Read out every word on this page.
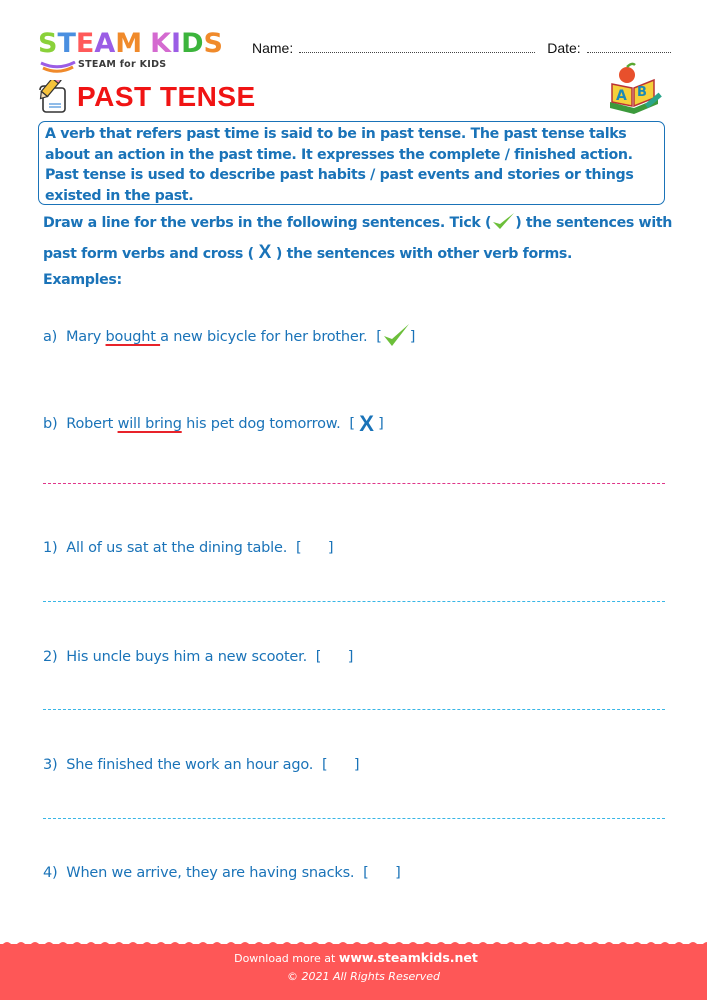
STEAM KIDS
STEAM for KIDS
Name:	Date:
PAST TENSE	A B

A verb that refers past time is said to be in past tense. The past tense talks about an action in the past time. It expresses the complete / finished action. Past tense is used to describe past habits / past events and stories or things existed in the past.

Draw a line for the verbs in the following sentences. Tick ( ) the sentences with past form verbs and cross ( X ) the sentences with other verb forms.
Examples:
a)  Mary bought a new bicycle for her brother.  [ ]
b)  Robert will bring his pet dog tomorrow.  [ X ]
1)  All of us sat at the dining table.  [      ]
2)  His uncle buys him a new scooter.  [      ]
3)  She finished the work an hour ago.  [      ]
4)  When we arrive, they are having snacks.  [      ]
Download more at www.steamkids.net
© 2021 All Rights Reserved
